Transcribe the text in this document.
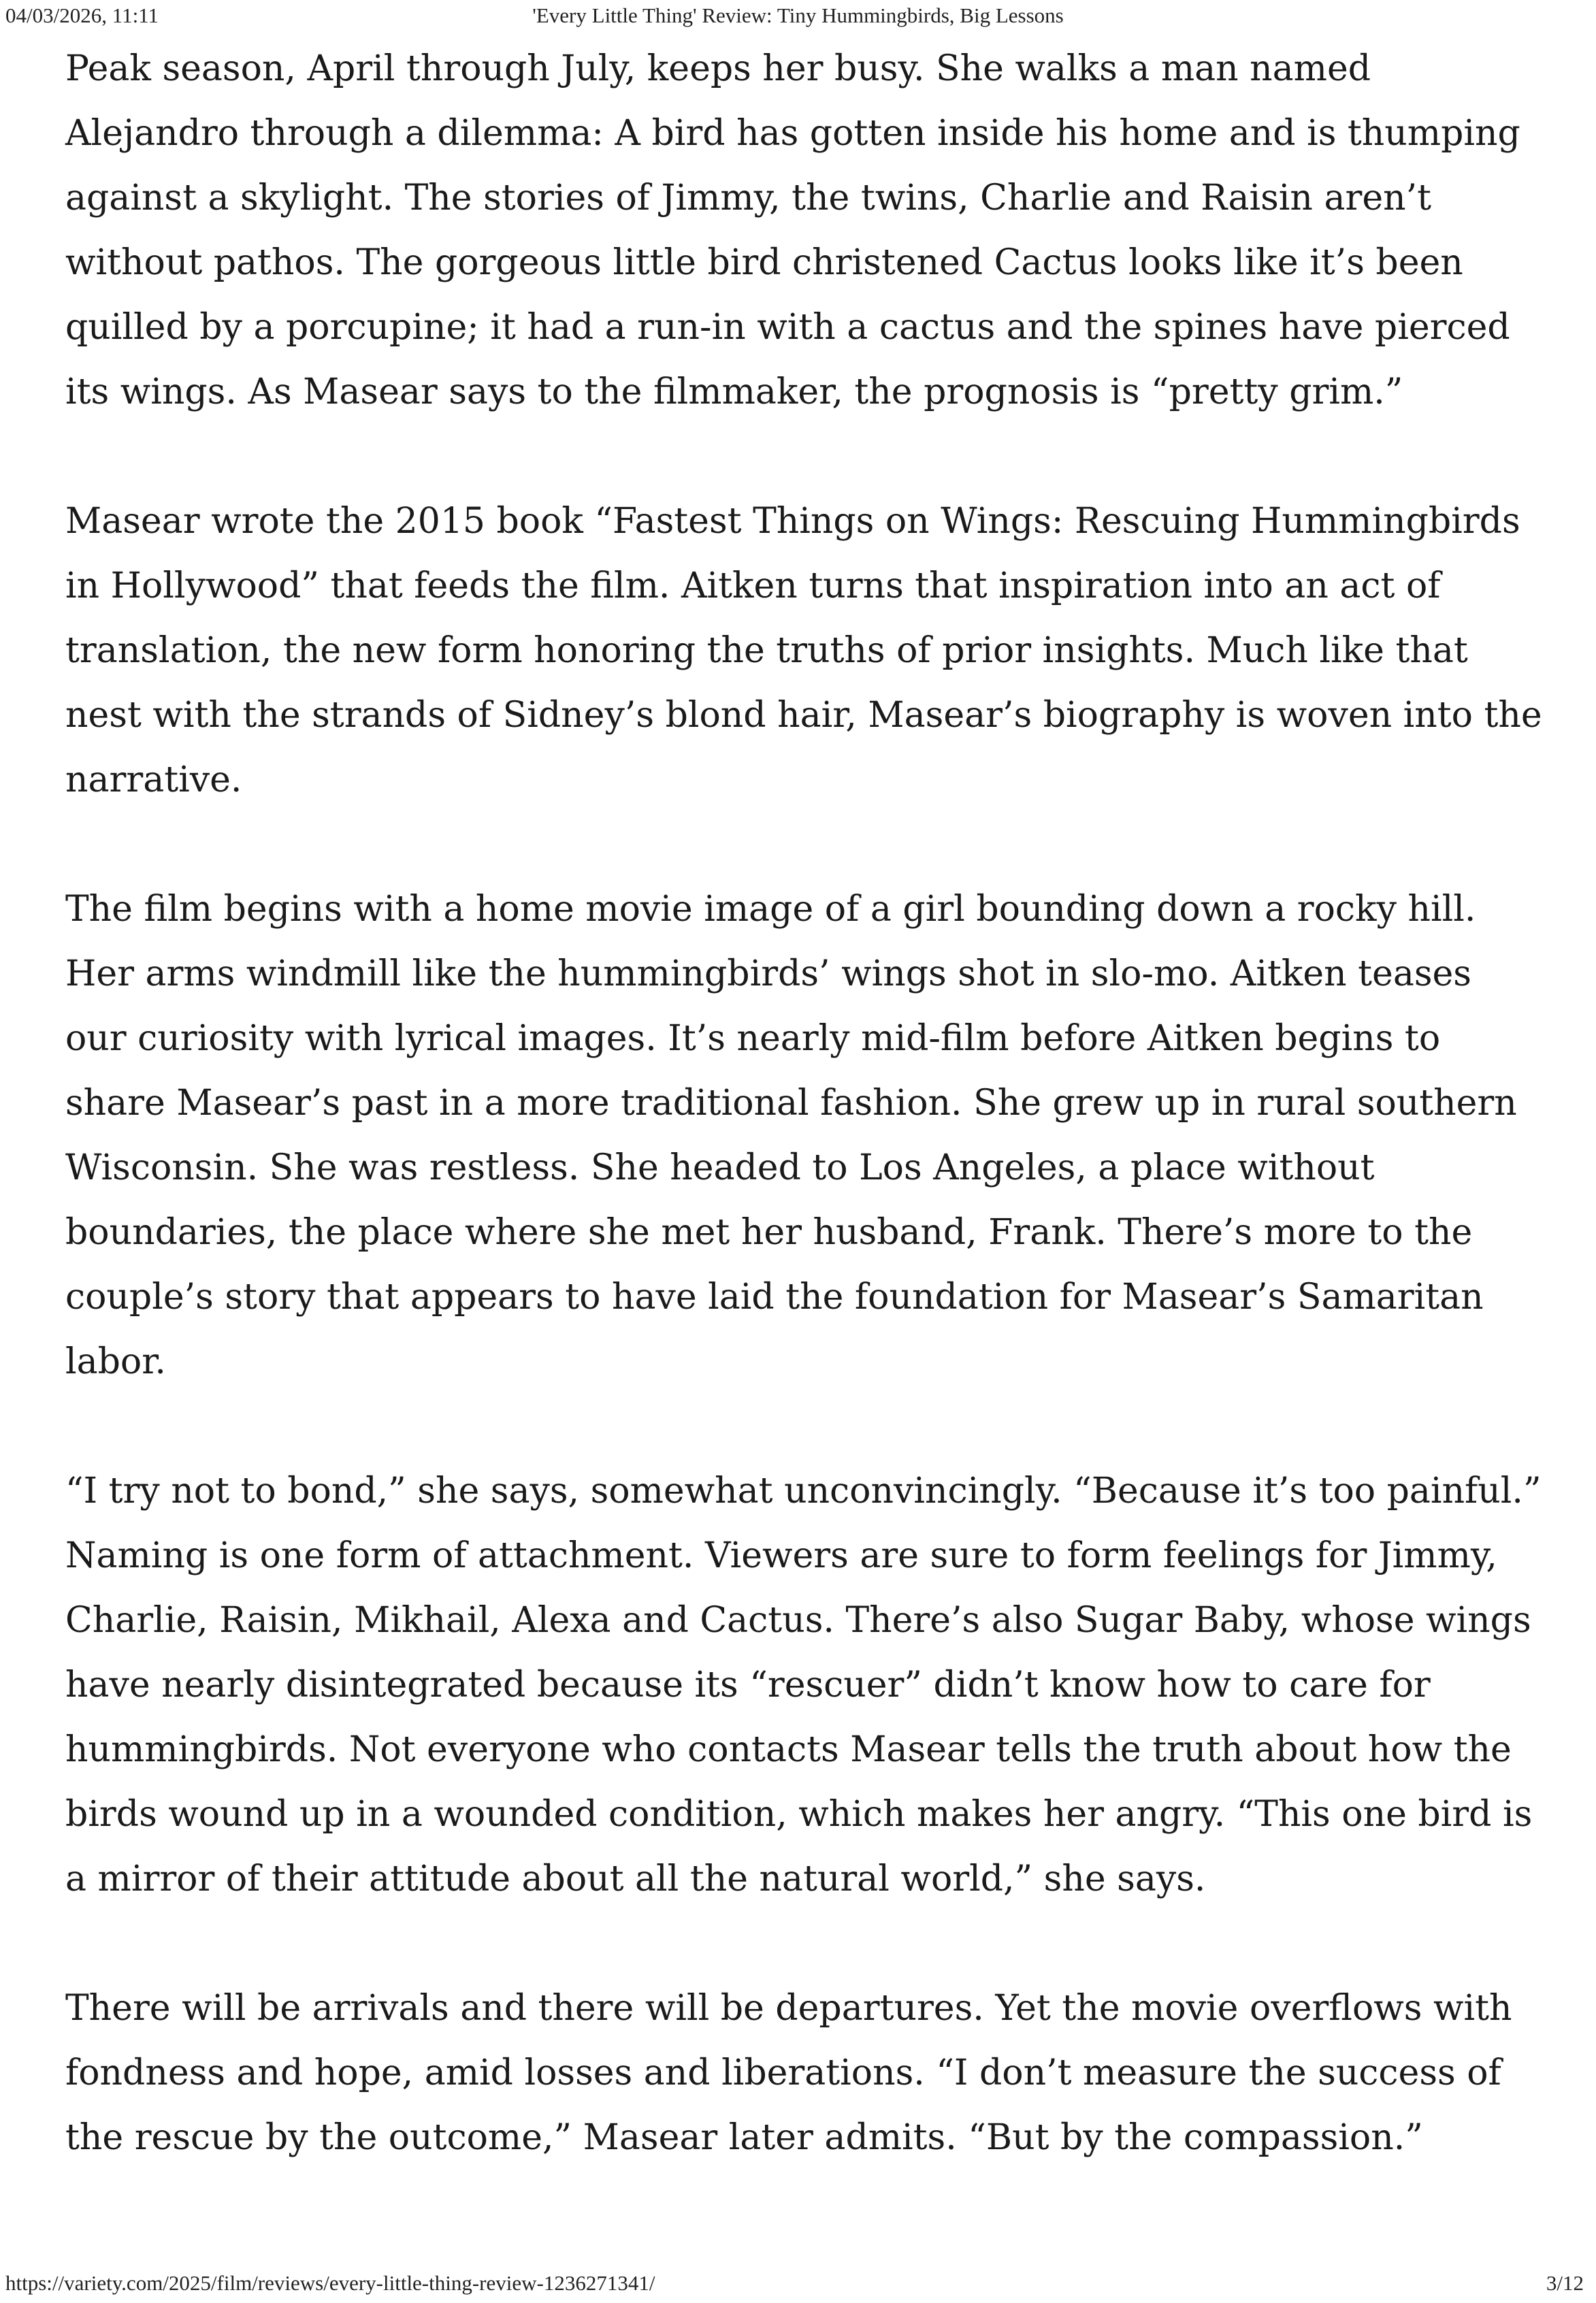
04/03/2026, 11:11	'Every Little Thing' Review: Tiny Hummingbirds, Big Lessons

Peak season, April through July, keeps her busy. She walks a man named Alejandro through a dilemma: A bird has gotten inside his home and is thumping against a skylight. The stories of Jimmy, the twins, Charlie and Raisin aren’t without pathos. The gorgeous little bird christened Cactus looks like it’s been quilled by a porcupine; it had a run-in with a cactus and the spines have pierced its wings. As Masear says to the filmmaker, the prognosis is “pretty grim.”

Masear wrote the 2015 book “Fastest Things on Wings: Rescuing Hummingbirds in Hollywood” that feeds the film. Aitken turns that inspiration into an act of translation, the new form honoring the truths of prior insights. Much like that nest with the strands of Sidney’s blond hair, Masear’s biography is woven into the narrative.

The film begins with a home movie image of a girl bounding down a rocky hill. Her arms windmill like the hummingbirds’ wings shot in slo-mo. Aitken teases our curiosity with lyrical images. It’s nearly mid-film before Aitken begins to share Masear’s past in a more traditional fashion. She grew up in rural southern Wisconsin. She was restless. She headed to Los Angeles, a place without boundaries, the place where she met her husband, Frank. There’s more to the couple’s story that appears to have laid the foundation for Masear’s Samaritan labor.

“I try not to bond,” she says, somewhat unconvincingly. “Because it’s too painful.” Naming is one form of attachment. Viewers are sure to form feelings for Jimmy, Charlie, Raisin, Mikhail, Alexa and Cactus. There’s also Sugar Baby, whose wings have nearly disintegrated because its “rescuer” didn’t know how to care for hummingbirds. Not everyone who contacts Masear tells the truth about how the birds wound up in a wounded condition, which makes her angry. “This one bird is a mirror of their attitude about all the natural world,” she says.

There will be arrivals and there will be departures. Yet the movie overflows with fondness and hope, amid losses and liberations. “I don’t measure the success of the rescue by the outcome,” Masear later admits. “But by the compassion.”

https://variety.com/2025/film/reviews/every-little-thing-review-1236271341/	3/12
